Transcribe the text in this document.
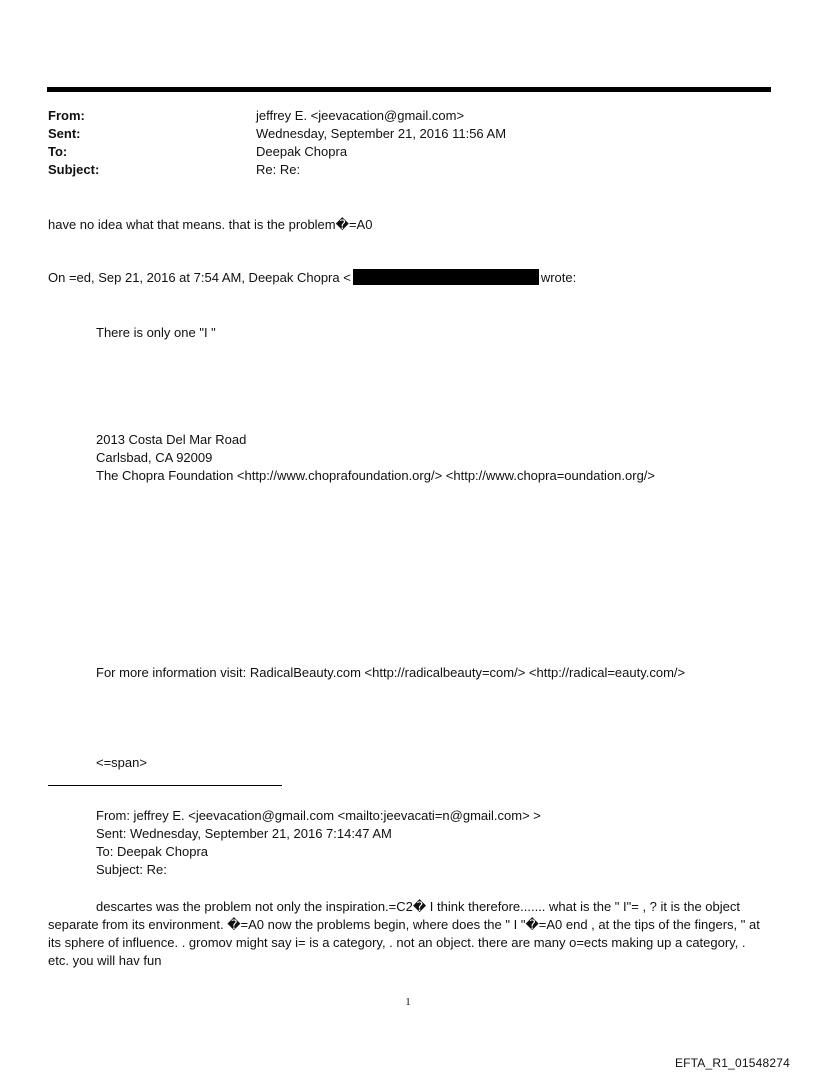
From:	jeffrey E. <jeevacation@gmail.com>
Sent:	Wednesday, September 21, 2016 11:56 AM
To:	Deepak Chopra
Subject:	Re: Re:
have no idea what that means. that is the problem�=A0
On =ed, Sep 21, 2016 at 7:54 AM, Deepak Chopra <	wrote:
There is only one "I "
2013 Costa Del Mar Road
Carlsbad, CA 92009
The Chopra Foundation <http://www.choprafoundation.org/> <http://www.chopra=oundation.org/>
For more information visit: RadicalBeauty.com <http://radicalbeauty=com/> <http://radical=eauty.com/>
<=span>
From: jeffrey E. <jeevacation@gmail.com <mailto:jeevacati=n@gmail.com> >
Sent: Wednesday, September 21, 2016 7:14:47 AM
To: Deepak Chopra
Subject: Re:
descartes was the problem not only the inspiration.=C2� I think therefore....... what is the " I"= , ? it is the object separate from its environment. �=A0 now the problems begin, where does the " I "�=A0 end , at the tips of the fingers, " at its sphere of influence. . gromov might say i= is a category, . not an object. there are many o=ects making up a category, . etc. you will hav fun
1
EFTA_R1_01548274
